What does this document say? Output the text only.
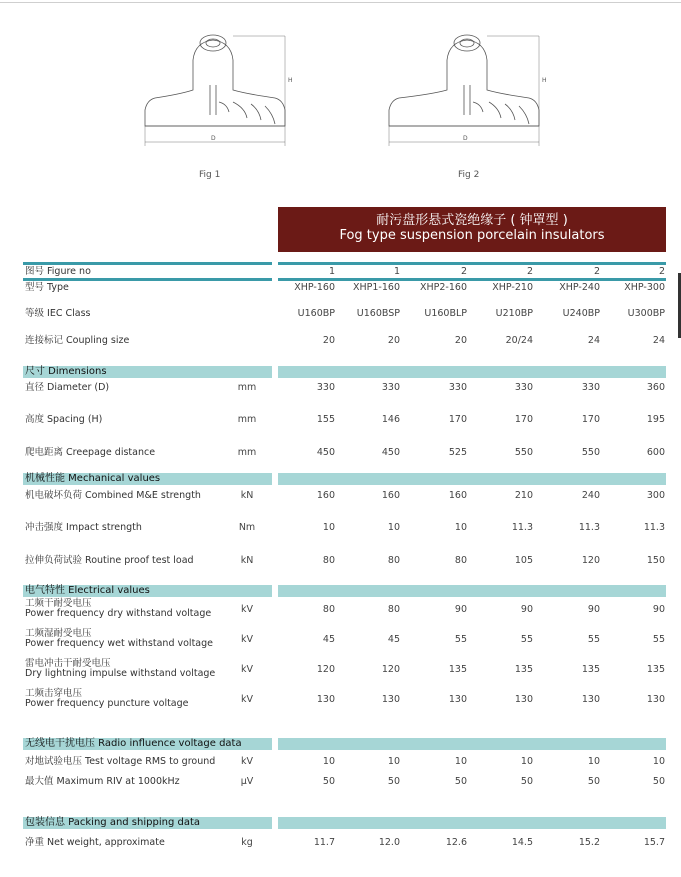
H
D
Fig 1
H
D
Fig 2
耐污盘形悬式瓷绝缘子 ( 钟罩型 )
Fog type suspension porcelain insulators
尺寸 Dimensions
机械性能 Mechanical values
电气特性 Electrical values
无线电干扰电压 Radio influence voltage data
包装信息 Packing and shipping data
图号 Figure no	1	1	2	2	2	2
型号 Type	XHP-160	XHP1-160	XHP2-160	XHP-210	XHP-240	XHP-300
等级 IEC Class	U160BP	U160BSP	U160BLP	U210BP	U240BP	U300BP
连接标记 Coupling size	20	20	20	20/24	24	24
直径 Diameter (D)	mm	330	330	330	330	330	360
高度 Spacing (H)	mm	155	146	170	170	170	195
爬电距离 Creepage distance	mm	450	450	525	550	550	600
机电破坏负荷 Combined M&E strength	kN	160	160	160	210	240	300
冲击强度 Impact strength	Nm	10	10	10	11.3	11.3	11.3
拉伸负荷试验 Routine proof test load	kN	80	80	80	105	120	150
工频干耐受电压
Power frequency dry withstand voltage	kV	80	80	90	90	90	90
工频湿耐受电压
Power frequency wet withstand voltage	kV	45	45	55	55	55	55
雷电冲击干耐受电压
Dry lightning impulse withstand voltage	kV	120	120	135	135	135	135
工频击穿电压
Power frequency puncture voltage	kV	130	130	130	130	130	130
对地试验电压 Test voltage RMS to ground	kV	10	10	10	10	10	10
最大值 Maximum RIV at 1000kHz	μV	50	50	50	50	50	50
净重 Net weight, approximate	kg	11.7	12.0	12.6	14.5	15.2	15.7
